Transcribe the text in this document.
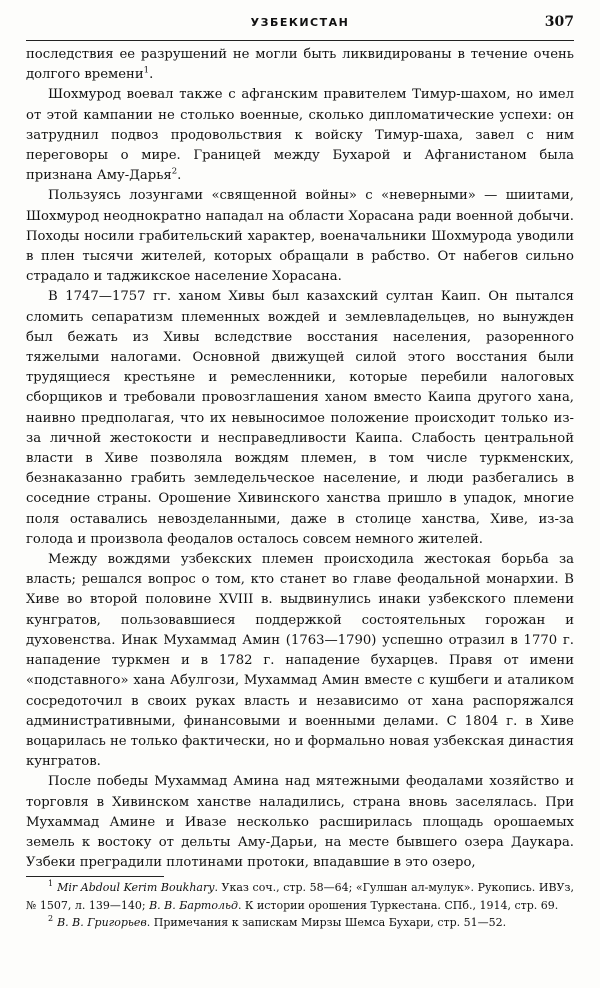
УЗБЕКИСТАН	307

последствия ее разрушений не могли быть ликвидированы в течение очень долгого времени$^1$.

Шохмурод воевал также с афганским правителем Тимур-шахом, но имел от этой кампании не столько военные, сколько дипломатические успехи: он затруднил подвоз продовольствия к войску Тимур-шаха, завел с ним переговоры о мире. Границей между Бухарой и Афганистаном была признана Аму-Дарья$^2$.

Пользуясь лозунгами «священной войны» с «неверными» — шиитами, Шохмурод неоднократно нападал на области Хорасана ради военной добычи. Походы носили грабительский характер, военачальники Шохмурода уводили в плен тысячи жителей, которых обращали в рабство. От набегов сильно страдало и таджикское население Хорасана.

В 1747—1757 гг. ханом Хивы был казахский султан Каип. Он пытался сломить сепаратизм племенных вождей и землевладельцев, но вынужден был бежать из Хивы вследствие восстания населения, разоренного тяжелыми налогами. Основной движущей силой этого восстания были трудящиеся крестьяне и ремесленники, которые перебили налоговых сборщиков и требовали провозглашения ханом вместо Каипа другого хана, наивно предполагая, что их невыносимое положение происходит только из-за личной жестокости и несправедливости Каипа. Слабость центральной власти в Хиве позволяла вождям племен, в том числе туркменских, безнаказанно грабить земледельческое население, и люди разбегались в соседние страны. Орошение Хивинского ханства пришло в упадок, многие поля оставались невозделанными, даже в столице ханства, Хиве, из-за голода и произвола феодалов осталось совсем немного жителей.

Между вождями узбекских племен происходила жестокая борьба за власть; решался вопрос о том, кто станет во главе феодальной монархии. В Хиве во второй половине XVIII в. выдвинулись инаки узбекского племени кунгратов, пользовавшиеся поддержкой состоятельных горожан и духовенства. Инак Мухаммад Амин (1763—1790) успешно отразил в 1770 г. нападение туркмен и в 1782 г. нападение бухарцев. Правя от имени «подставного» хана Абулгози, Мухаммад Амин вместе с кушбеги и аталиком сосредоточил в своих руках власть и независимо от хана распоряжался административными, финансовыми и военными делами. С 1804 г. в Хиве воцарилась не только фактически, но и формально новая узбекская династия кунгратов.

После победы Мухаммад Амина над мятежными феодалами хозяйство и торговля в Хивинском ханстве наладились, страна вновь заселялась. При Мухаммад Амине и Ивазе несколько расширилась площадь орошаемых земель к востоку от дельты Аму-Дарьи, на месте бывшего озера Даукара. Узбеки преградили плотинами протоки, впадавшие в это озеро,

$^1$ Mir Abdoul Kerim Boukhary. Указ соч., стр. 58—64; «Гулшан ал-мулук». Рукопись. ИВУз, № 1507, л. 139—140; В. В. Бартольд. К истории орошения Туркестана. СПб., 1914, стр. 69.

$^2$ В. В. Григорьев. Примечания к запискам Мирзы Шемса Бухари, стр. 51—52.
